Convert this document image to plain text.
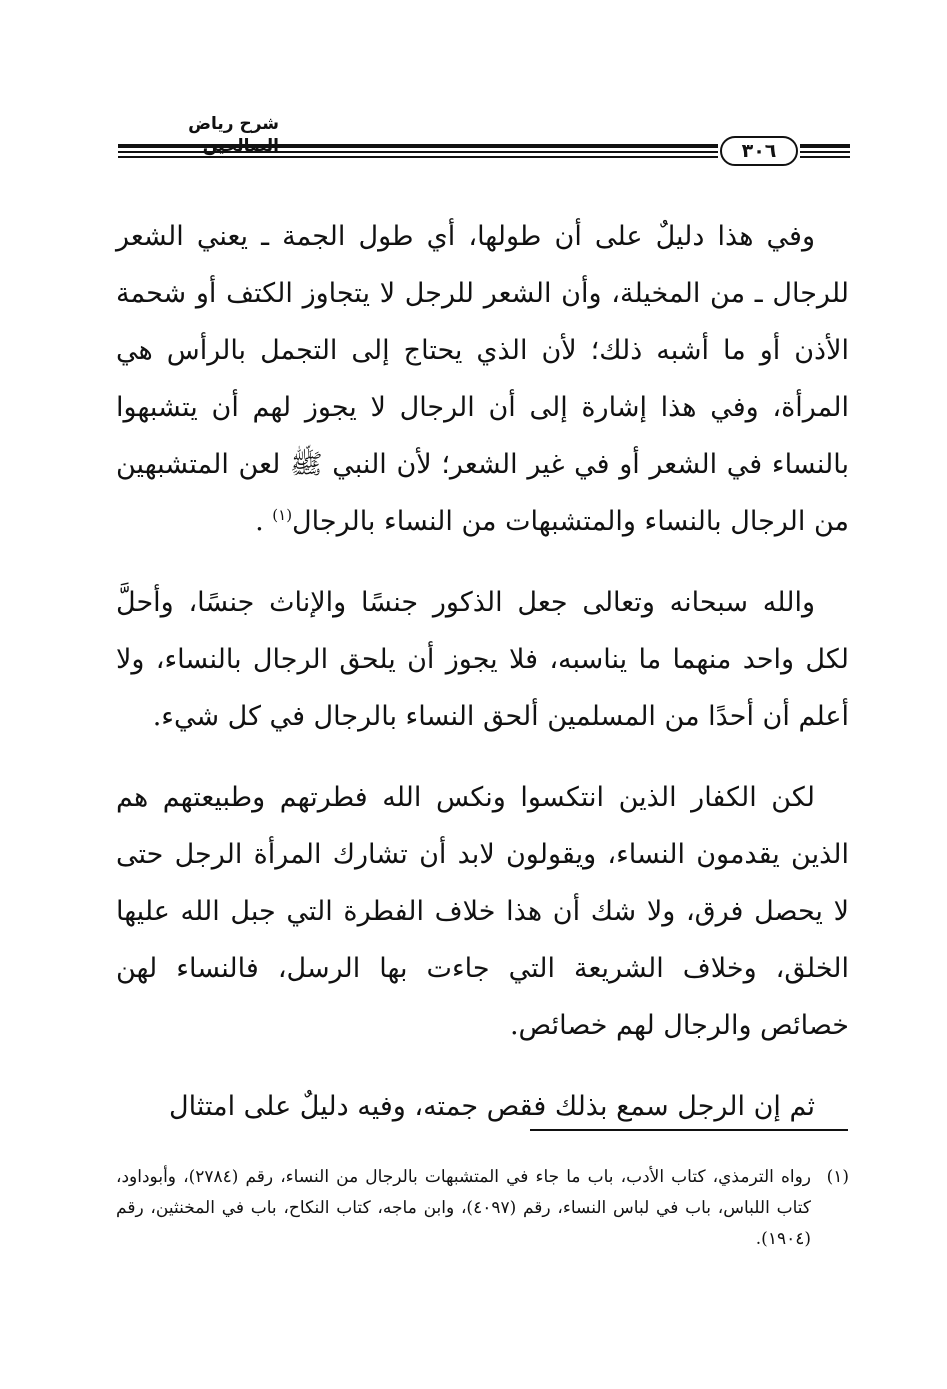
شرح رياض
٣٠٦

وفي هذا دليلٌ على أن طولها، أي طول الجمة ـ يعني الشعر للرجال ـ من المخيلة، وأن الشعر للرجل لا يتجاوز الكتف أو شحمة الأذن أو ما أشبه ذلك؛ لأن الذي يحتاج إلى التجمل بالرأس هي المرأة، وفي هذا إشارة إلى أن الرجال لا يجوز لهم أن يتشبهوا بالنساء في الشعر أو في غير الشعر؛ لأن النبي ﷺ لعن المتشبهين من الرجال بالنساء والمتشبهات من النساء بالرجال$^{(١)}$ .

والله سبحانه وتعالى جعل الذكور جنسًا والإناث جنسًا، وأحلَّ لكل واحد منهما ما يناسبه، فلا يجوز أن يلحق الرجال بالنساء، ولا أعلم أن أحدًا من المسلمين ألحق النساء بالرجال في كل شيء.

لكن الكفار الذين انتكسوا ونكس الله فطرتهم وطبيعتهم هم الذين يقدمون النساء، ويقولون لابد أن تشارك المرأة الرجل حتى لا يحصل فرق، ولا شك أن هذا خلاف الفطرة التي جبل الله عليها الخلق، وخلاف الشريعة التي جاءت بها الرسل، فالنساء لهن خصائص والرجال لهم خصائص.

ثم إن الرجل سمع بذلك فقص جمته، وفيه دليلٌ على امتثال

(١)
رواه الترمذي، كتاب الأدب، باب ما جاء في المتشبهات بالرجال من النساء، رقم (٢٧٨٤)، وأبوداود، كتاب اللباس، باب في لباس النساء، رقم (٤٠٩٧)، وابن ماجه، كتاب النكاح، باب في المخنثين، رقم (١٩٠٤).
